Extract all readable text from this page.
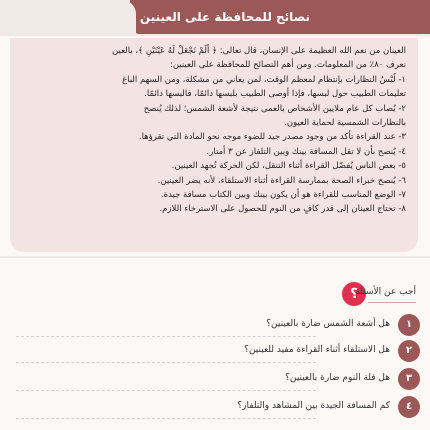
نصائح للمحافظة على العينين

العينان من نعم الله العظيمة على الإنسان، قال تعالى: ﴿ أَلَمْ نَجْعَلْ لَهُ عَيْنَيْنِ ﴾، بالعين

نعرف ٨٠٪ من المعلومات. ومن أهم النصائح للمحافظة على العينين:

١- لُبْسُ النظارات بإنتظام لمعظم الوقت، لمن يعاني من مشكلة، ومن السهم الباغ

تعليمات الطبيب حول لبسها، فإذا أوصى الطبيب بلبسها دائمًا، فالبسها دائمًا.

٢- يُصاب كل عام ملايين الأشخاص بالعمى نتيجة لأشعة الشمس؛ لذلك يُنصح

بالنظارات الشمسية لحماية العيون.

٣- عند القراءة تأكد من وجود مصدر جيد للضوء موجه نحو المادة التي تقرؤها.

٤- يُنصح بأن لا تقل المسافة بينك وبين التلفاز عن ٣ أمتار.

٥- بعض الناس يُفضّل القراءة أثناء التنقل، لكن الحركة تُجهد العينين.

٦- يُنصح خبراء الصحة بممارسة القراءة أثناء الاستلقاء، لأنه يضر العينين.

٧- الوضع المناسب للقراءة هو أن يكون بينك وبين الكتاب مسافة جيدة.

٨- تحتاج العينان إلى قدر كافٍ من النوم للحصول على الاسترخاء اللازم.

؟
أجب عن الأسئلة
١
هل أشعة الشمس ضارة بالعينين؟
٢
هل الاستلقاء أثناء القراءة مفيد للعينين؟
٣
هل قلة النوم ضارة بالعينين؟
٤
كم المسافة الجيدة بين المشاهد والتلفاز؟
